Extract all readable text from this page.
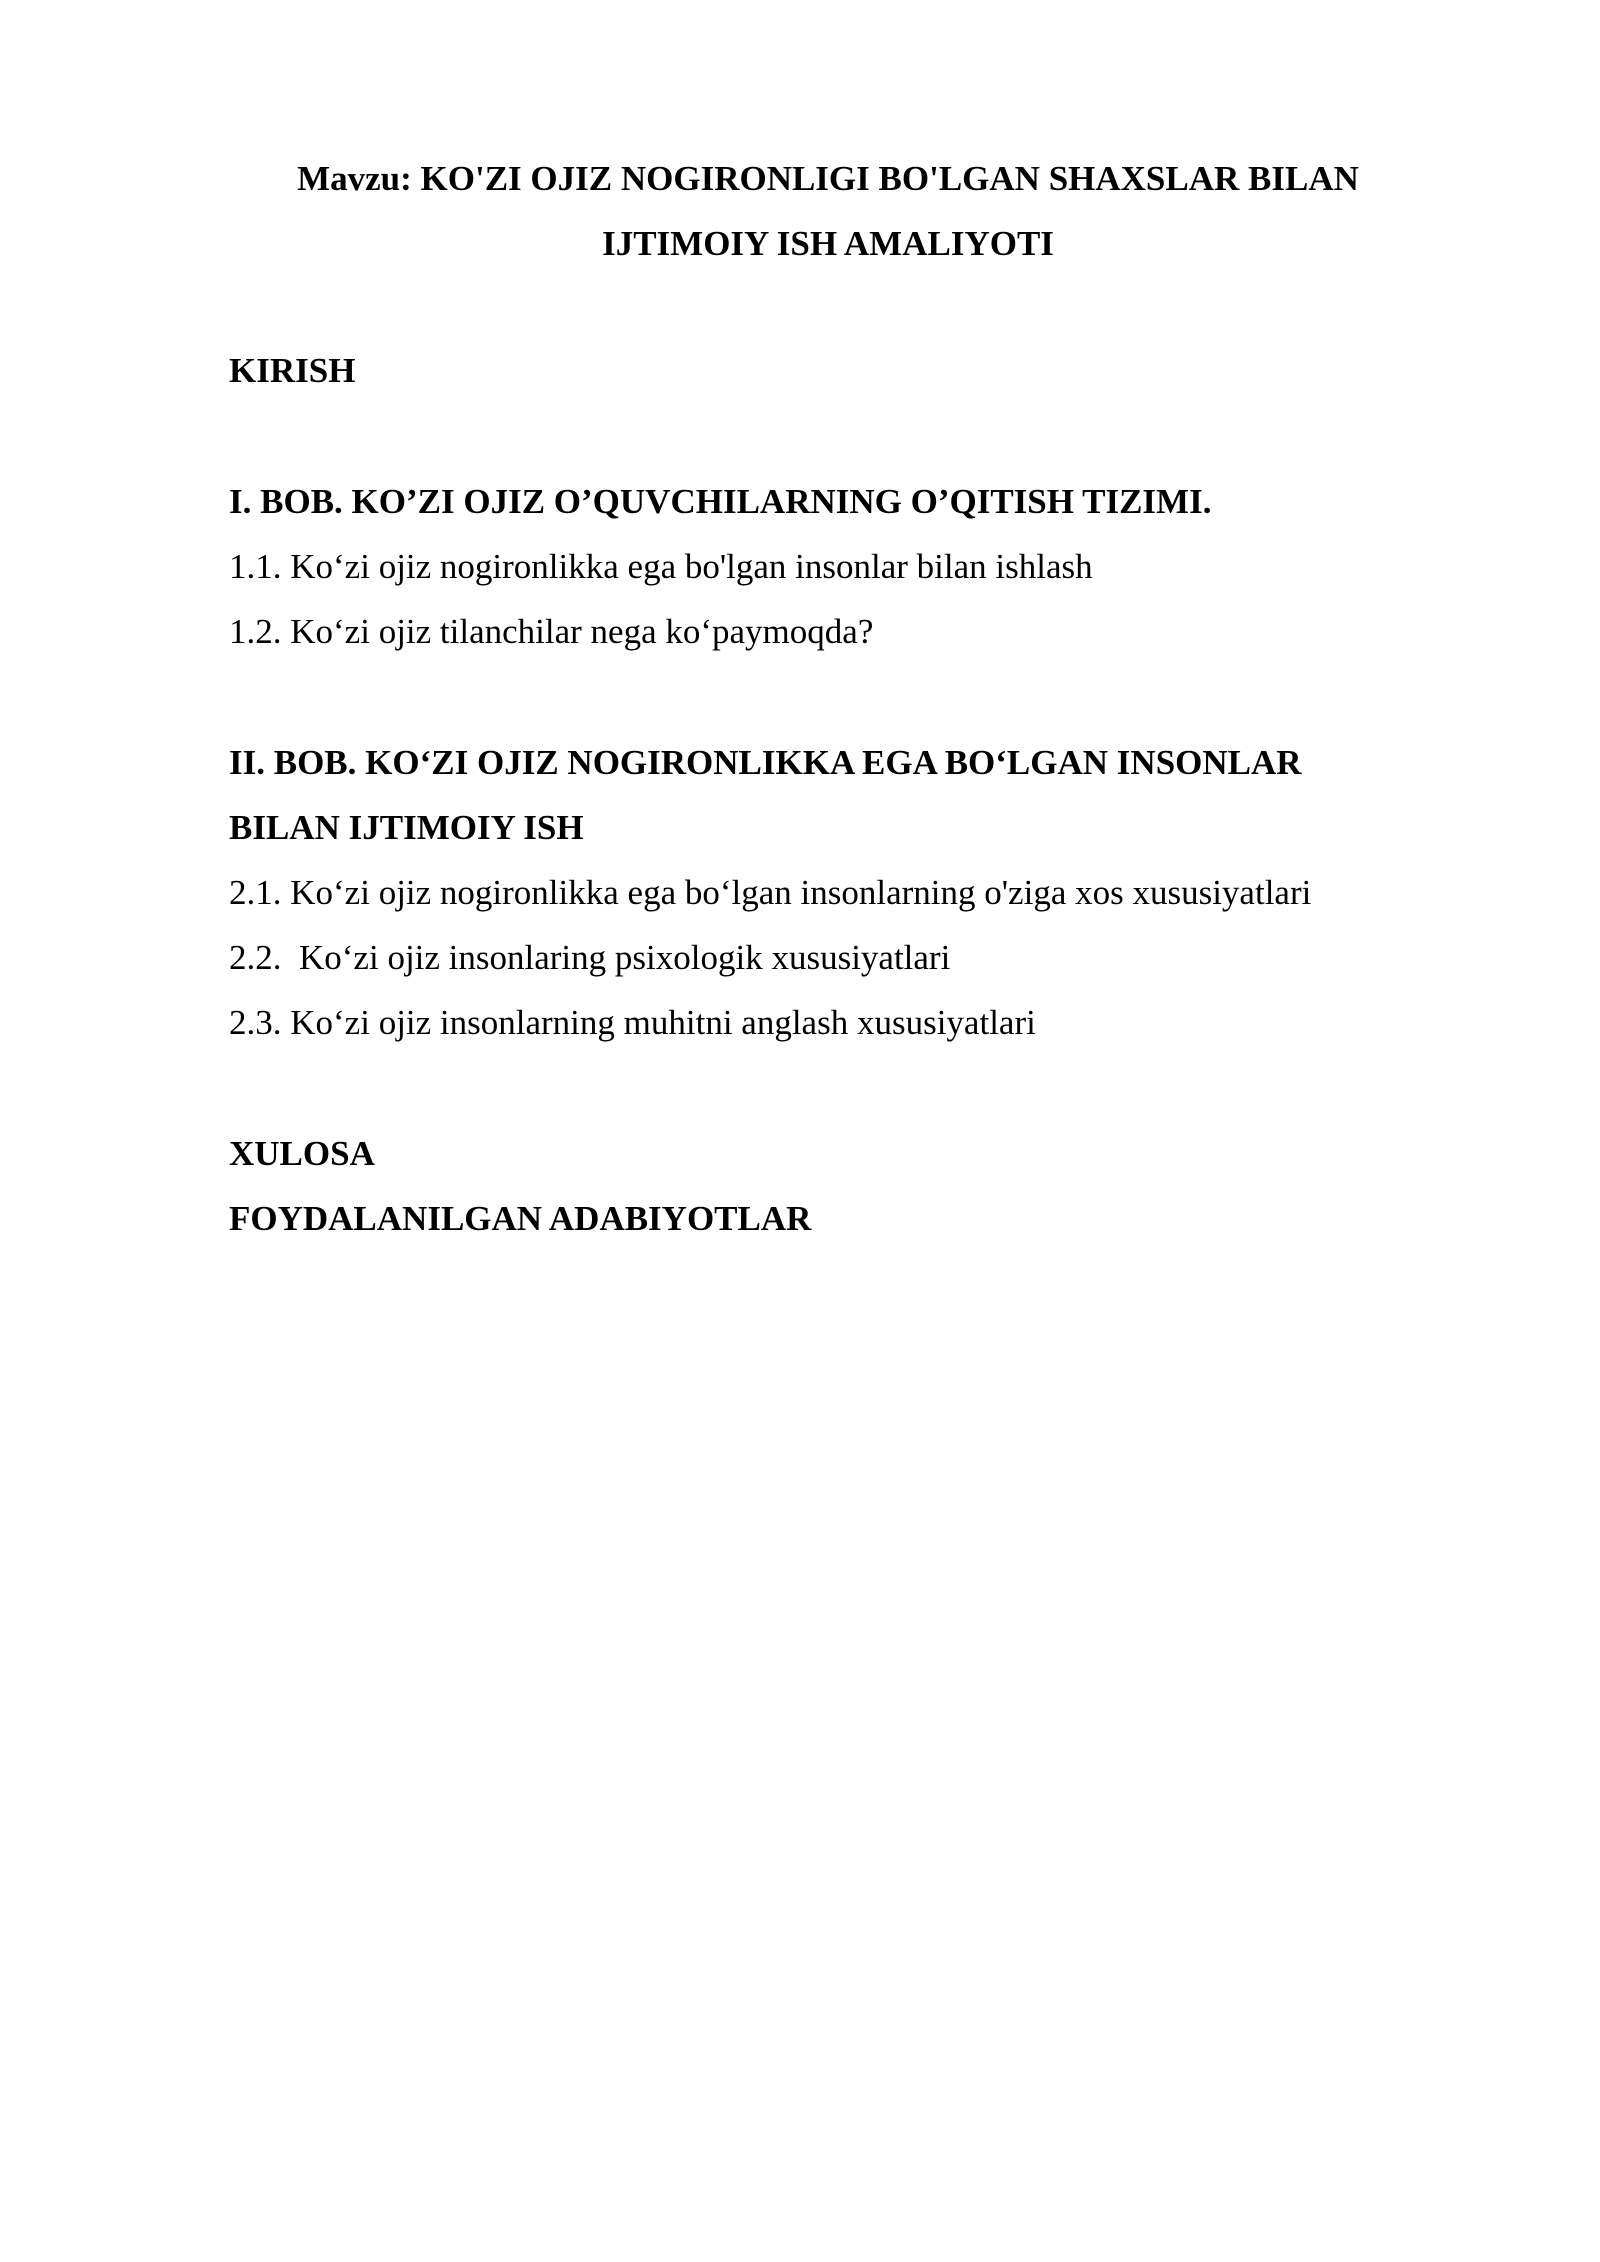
Mavzu: KO'ZI OJIZ NOGIRONLIGI BO'LGAN SHAXSLAR BILAN
IJTIMOIY ISH AMALIYOTI
KIRISH
I. BOB. KO’ZI OJIZ O’QUVCHILARNING O’QITISH TIZIMI.
1.1. Ko‘zi ojiz nogironlikka ega bo'lgan insonlar bilan ishlash
1.2. Ko‘zi ojiz tilanchilar nega ko‘paymoqda?
II. BOB. KO‘ZI OJIZ NOGIRONLIKKA EGA BO‘LGAN INSONLAR
BILAN IJTIMOIY ISH
2.1. Ko‘zi ojiz nogironlikka ega bo‘lgan insonlarning o'ziga xos xususiyatlari
2.2.  Ko‘zi ojiz insonlaring psixologik xususiyatlari
2.3. Ko‘zi ojiz insonlarning muhitni anglash xususiyatlari
XULOSA
FOYDALANILGAN ADABIYOTLAR
